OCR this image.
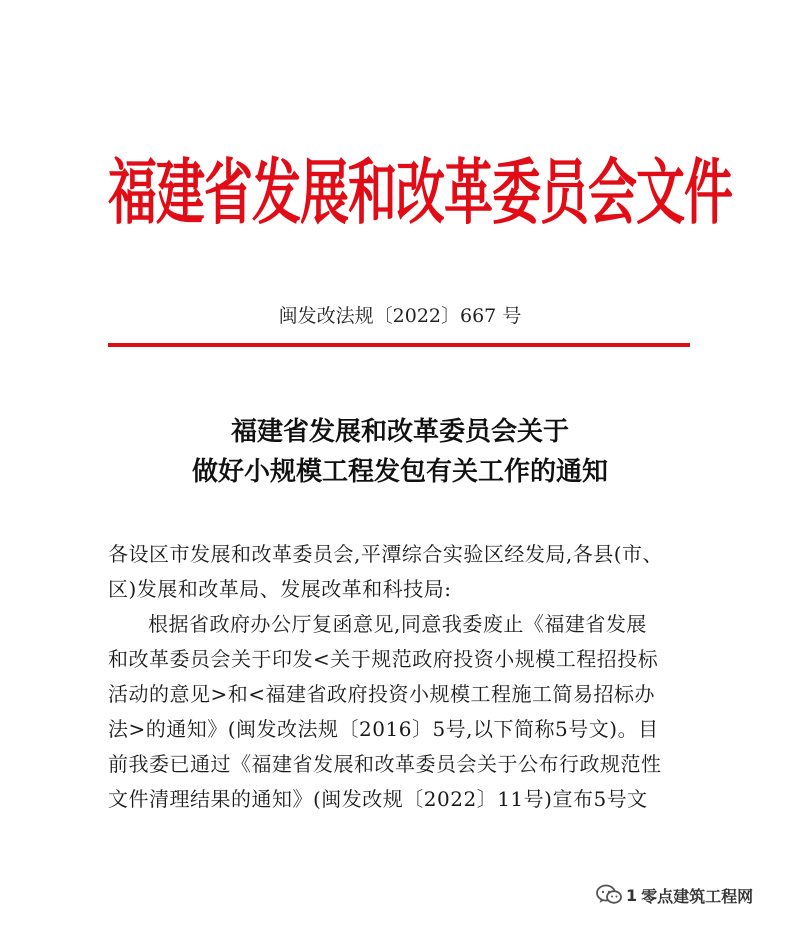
福建省发展和改革委员会文件
闽发改法规〔2022〕667 号
福建省发展和改革委员会关于
做好小规模工程发包有关工作的通知
各设区市发展和改革委员会,平潭综合实验区经发局,各县(市、
区)发展和改革局、发展改革和科技局:
根据省政府办公厅复函意见,同意我委废止《福建省发展
和改革委员会关于印发<关于规范政府投资小规模工程招投标
活动的意见>和<福建省政府投资小规模工程施工简易招标办
法>的通知》(闽发改法规〔2016〕5号,以下简称5号文)。目
前我委已通过《福建省发展和改革委员会关于公布行政规范性
文件清理结果的通知》(闽发改规〔2022〕11号)宣布5号文
1 零点建筑工程网
